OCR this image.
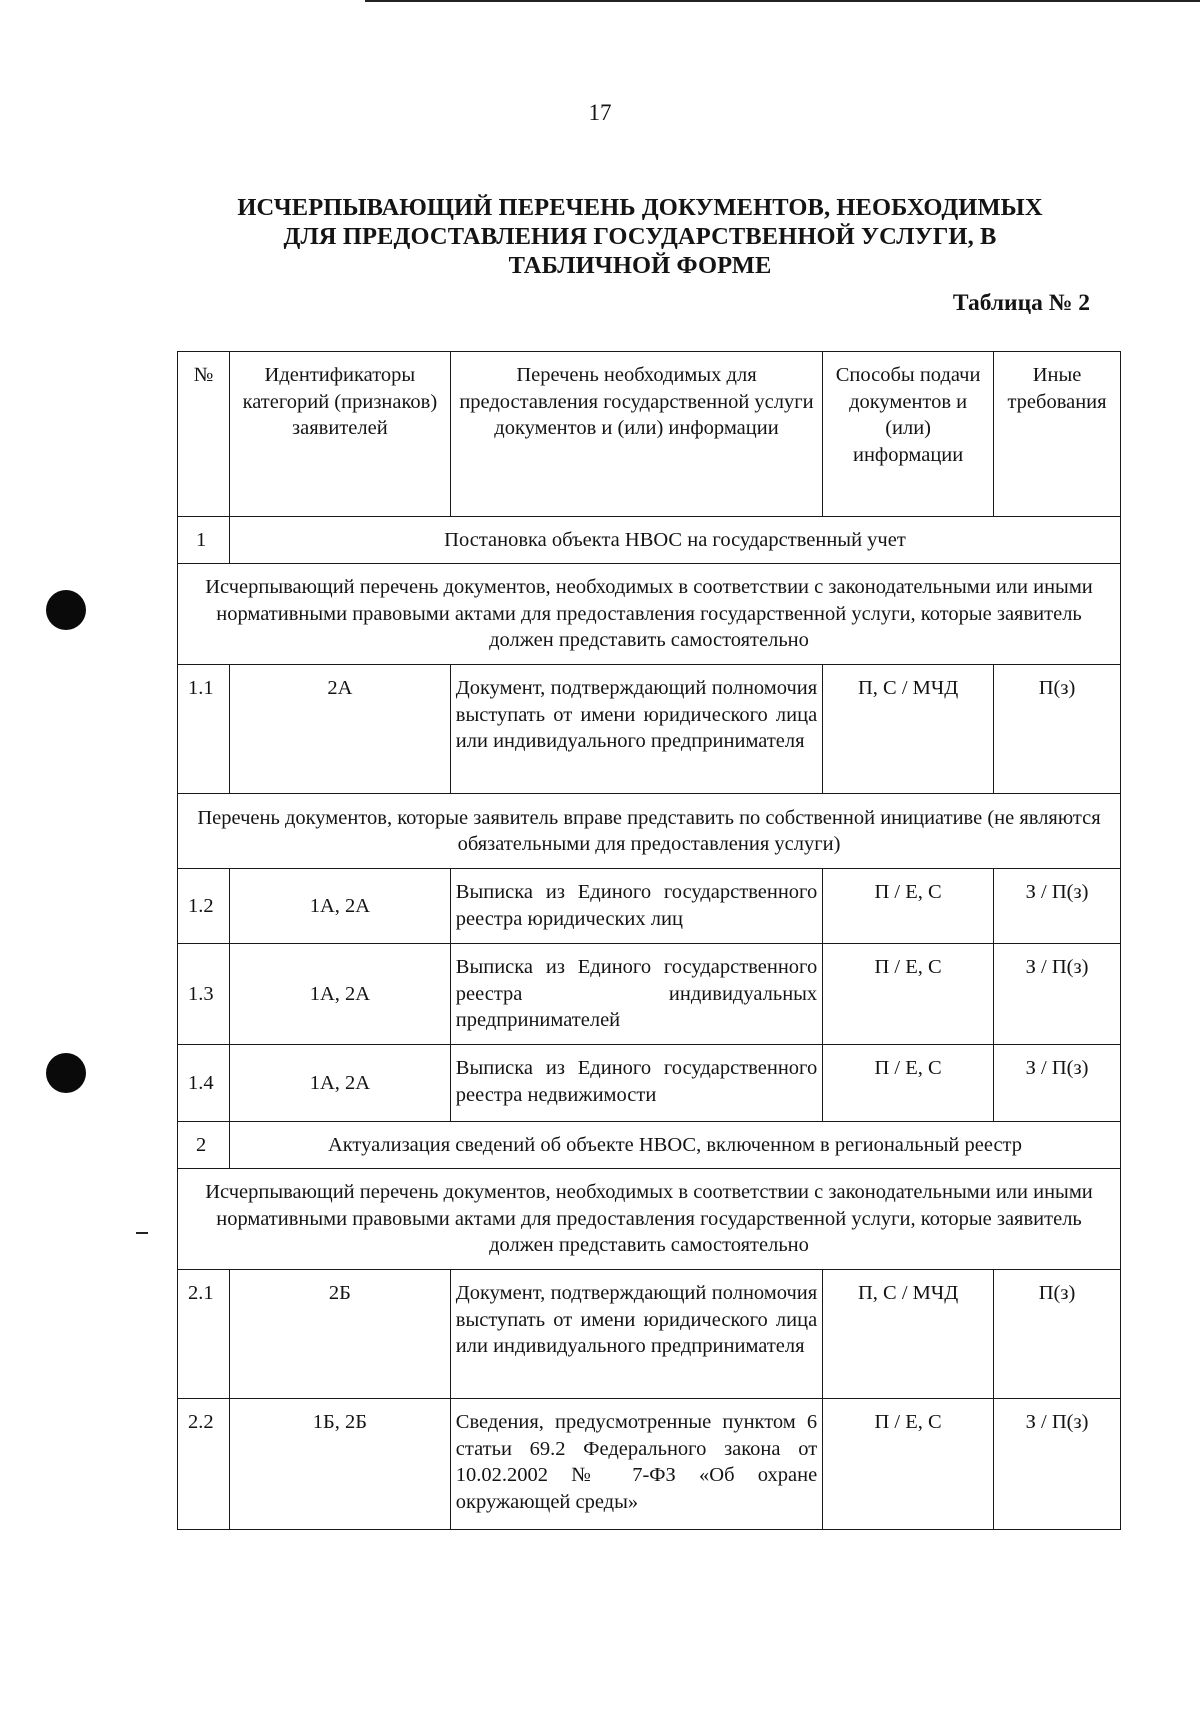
17
ИСЧЕРПЫВАЮЩИЙ ПЕРЕЧЕНЬ ДОКУМЕНТОВ, НЕОБХОДИМЫХ
ДЛЯ ПРЕДОСТАВЛЕНИЯ ГОСУДАРСТВЕННОЙ УСЛУГИ, В
ТАБЛИЧНОЙ ФОРМЕ
Таблица № 2
№	Идентификаторы категорий (признаков) заявителей	Перечень необходимых для предоставления государственной услуги документов и (или) информации	Способы подачи документов и (или) информации	Иные требования
1	Постановка объекта НВОС на государственный учет			
Исчерпывающий перечень документов, необходимых в соответствии с законодательными или иными нормативными правовыми актами для предоставления государственной услуги, которые заявитель должен представить самостоятельно				
1.1	2А	Документ, подтверждающий полномочия выступать от имени юридического лица или индивидуального предпринимателя	П, С / МЧД	П(з)
Перечень документов, которые заявитель вправе представить по собственной инициативе (не являются обязательными для предоставления услуги)				
1.2	1А, 2А	Выписка из Единого государственного реестра юридических лиц	П / Е, С	З / П(з)
1.3	1А, 2А	Выписка из Единого государственного реестра индивидуальных предпринимателей	П / Е, С	З / П(з)
1.4	1А, 2А	Выписка из Единого государственного реестра недвижимости	П / Е, С	З / П(з)
2	Актуализация сведений об объекте НВОС, включенном в региональный реестр			
Исчерпывающий перечень документов, необходимых в соответствии с законодательными или иными нормативными правовыми актами для предоставления государственной услуги, которые заявитель должен представить самостоятельно				
2.1	2Б	Документ, подтверждающий полномочия выступать от имени юридического лица или индивидуального предпринимателя	П, С / МЧД	П(з)
2.2	1Б, 2Б	Сведения, предусмотренные пунктом 6 статьи 69.2 Федерального закона от 10.02.2002 № 7-ФЗ «Об охране окружающей среды»	П / Е, С	З / П(з)
